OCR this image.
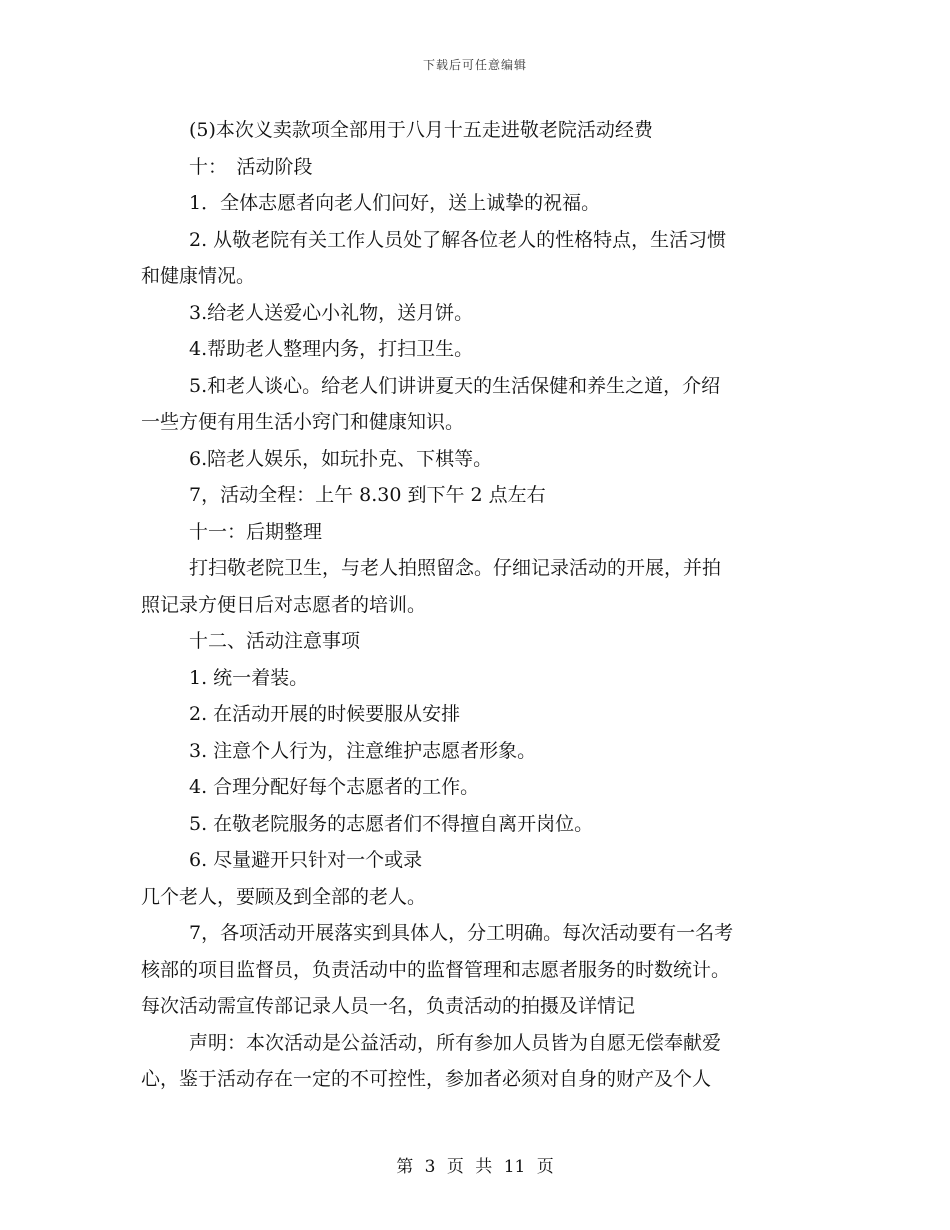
下载后可任意编辑

(5)本次义卖款项全部用于八月十五走进敬老院活动经费

十：　活动阶段

1．全体志愿者向老人们问好，送上诚挚的祝福。

2. 从敬老院有关工作人员处了解各位老人的性格特点，生活习惯

和健康情况。

3.给老人送爱心小礼物，送月饼。

4.帮助老人整理内务，打扫卫生。

5.和老人谈心。给老人们讲讲夏天的生活保健和养生之道，介绍

一些方便有用生活小窍门和健康知识。

6.陪老人娱乐，如玩扑克、下棋等。

7，活动全程：上午 8.30 到下午 2 点左右

十一：后期整理

打扫敬老院卫生，与老人拍照留念。仔细记录活动的开展，并拍

照记录方便日后对志愿者的培训。

十二、活动注意事项

1. 统一着装。

2. 在活动开展的时候要服从安排

3. 注意个人行为，注意维护志愿者形象。

4. 合理分配好每个志愿者的工作。

5. 在敬老院服务的志愿者们不得擅自离开岗位。

6. 尽量避开只针对一个或录

几个老人，要顾及到全部的老人。

7，各项活动开展落实到具体人，分工明确。每次活动要有一名考

核部的项目监督员，负责活动中的监督管理和志愿者服务的时数统计。

每次活动需宣传部记录人员一名，负责活动的拍摄及详情记

声明：本次活动是公益活动，所有参加人员皆为自愿无偿奉献爱

心，鉴于活动存在一定的不可控性，参加者必须对自身的财产及个人

第 3 页 共 11 页
